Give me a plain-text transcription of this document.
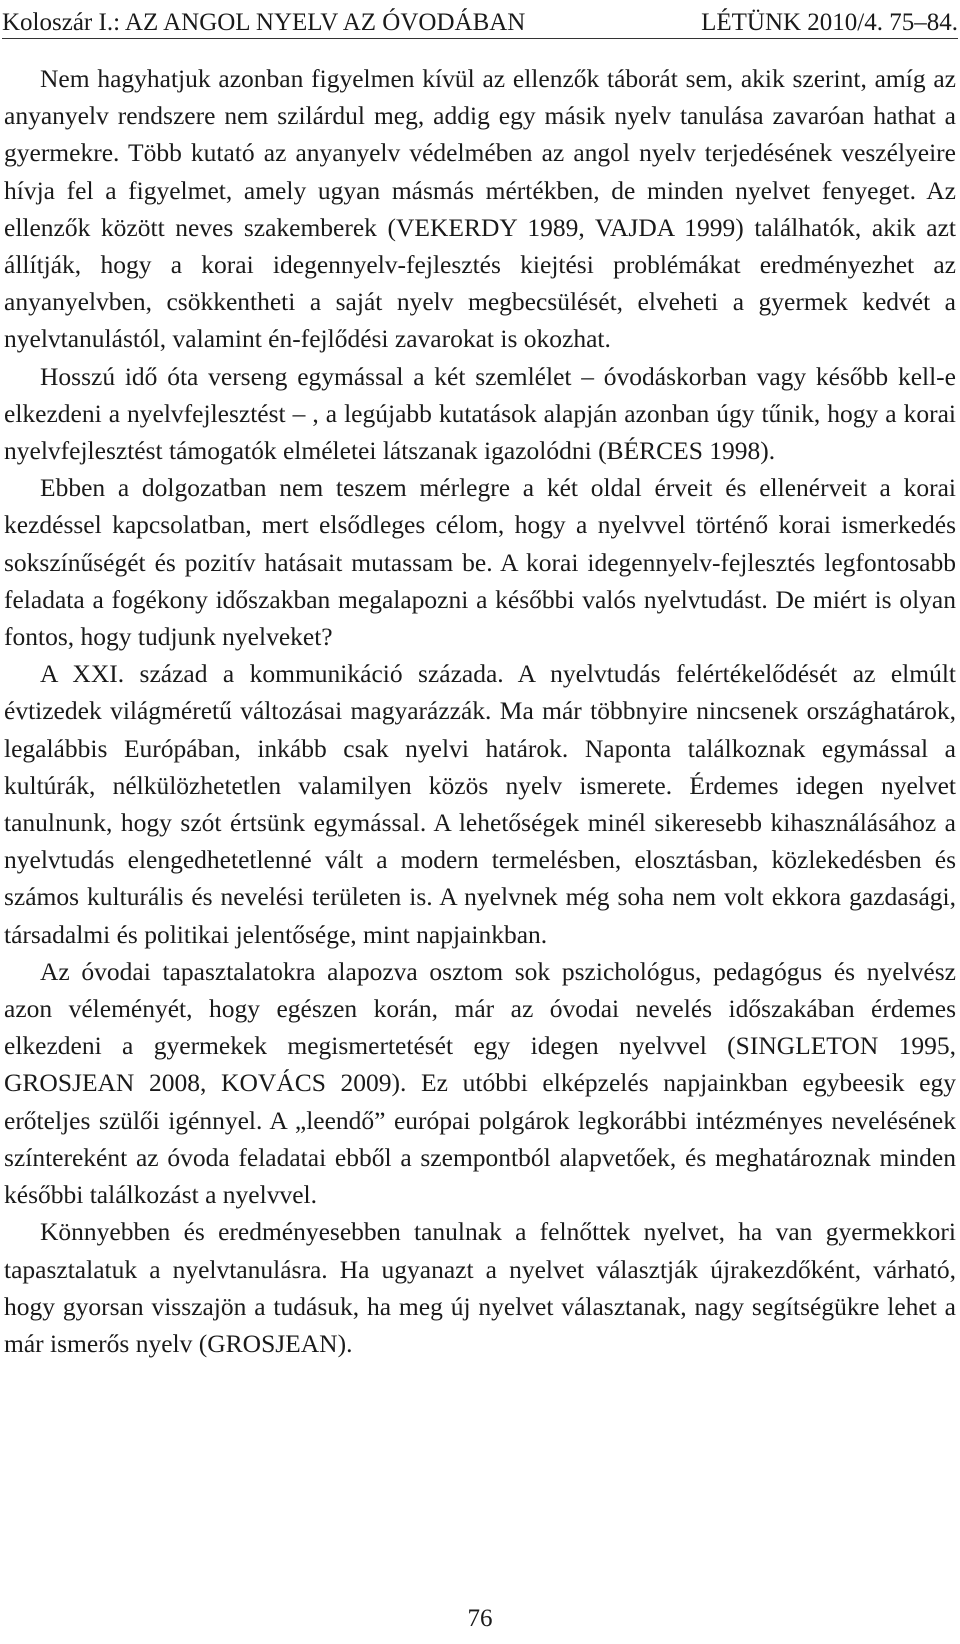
Koloszár I.: AZ ANGOL NYELV AZ ÓVODÁBAN	LÉTÜNK 2010/4. 75–84.

Nem hagyhatjuk azonban figyelmen kívül az ellenzők táborát sem, akik szerint, amíg az anyanyelv rendszere nem szilárdul meg, addig egy másik nyelv tanulása zavaróan hathat a gyermekre. Több kutató az anyanyelv védelmében az angol nyelv terjedésének veszélyeire hívja fel a figyelmet, amely ugyan másmás mértékben, de minden nyelvet fenyeget. Az ellenzők között neves szakemberek (VEKERDY 1989, VAJDA 1999) találhatók, akik azt állítják, hogy a korai idegennyelv-fejlesztés kiejtési problémákat eredményezhet az anyanyelvben, csökkentheti a saját nyelv megbecsülését, elveheti a gyermek kedvét a nyelvtanulástól, valamint én-fejlődési zavarokat is okozhat.

Hosszú idő óta verseng egymással a két szemlélet – óvodáskorban vagy később kell-e elkezdeni a nyelvfejlesztést – , a legújabb kutatások alapján azonban úgy tűnik, hogy a korai nyelvfejlesztést támogatók elméletei látszanak igazolódni (BÉRCES 1998).

Ebben a dolgozatban nem teszem mérlegre a két oldal érveit és ellenérveit a korai kezdéssel kapcsolatban, mert elsődleges célom, hogy a nyelvvel történő korai ismerkedés sokszínűségét és pozitív hatásait mutassam be. A korai idegennyelv-fejlesztés legfontosabb feladata a fogékony időszakban megalapozni a későbbi valós nyelvtudást. De miért is olyan fontos, hogy tudjunk nyelveket?

A XXI. század a kommunikáció százada. A nyelvtudás felértékelődését az elmúlt évtizedek világméretű változásai magyarázzák. Ma már többnyire nincsenek országhatárok, legalábbis Európában, inkább csak nyelvi határok. Naponta találkoznak egymással a kultúrák, nélkülözhetetlen valamilyen közös nyelv ismerete. Érdemes idegen nyelvet tanulnunk, hogy szót értsünk egymással. A lehetőségek minél sikeresebb kihasználásához a nyelvtudás elengedhetetlenné vált a modern termelésben, elosztásban, közlekedésben és számos kulturális és nevelési területen is. A nyelvnek még soha nem volt ekkora gazdasági, társadalmi és politikai jelentősége, mint napjainkban.

Az óvodai tapasztalatokra alapozva osztom sok pszichológus, pedagógus és nyelvész azon véleményét, hogy egészen korán, már az óvodai nevelés időszakában érdemes elkezdeni a gyermekek megismertetését egy idegen nyelvvel (SINGLETON 1995, GROSJEAN 2008, KOVÁCS 2009). Ez utóbbi elképzelés napjainkban egybeesik egy erőteljes szülői igénnyel. A „leendő” európai polgárok legkorábbi intézményes nevelésének színtereként az óvoda feladatai ebből a szempontból alapvetőek, és meghatároznak minden későbbi találkozást a nyelvvel.

Könnyebben és eredményesebben tanulnak a felnőttek nyelvet, ha van gyermekkori tapasztalatuk a nyelvtanulásra. Ha ugyanazt a nyelvet választják újrakezdőként, várható, hogy gyorsan visszajön a tudásuk, ha meg új nyelvet választanak, nagy segítségükre lehet a már ismerős nyelv (GROSJEAN).

76
